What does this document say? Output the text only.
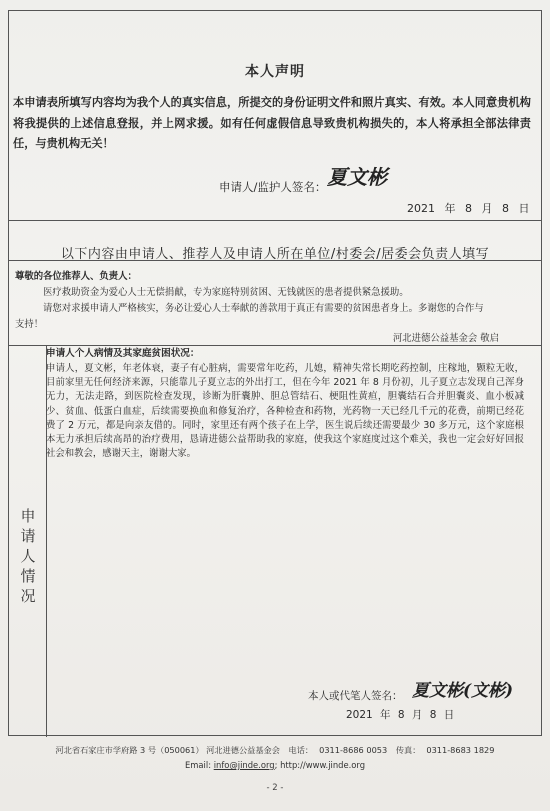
本人声明
本申请表所填写内容均为我个人的真实信息，所提交的身份证明文件和照片真实、有效。本人同意贵机构将我提供的上述信息登报，并上网求援。如有任何虚假信息导致贵机构损失的，本人将承担全部法律责任，与贵机构无关！
申请人/监护人签名： 夏文彬
2021 年 8 月 8 日
以下内容由申请人、推荐人及申请人所在单位/村委会/居委会负责人填写
尊敬的各位推荐人、负责人：
医疗救助资金为爱心人士无偿捐献，专为家庭特别贫困、无钱就医的患者提供紧急援助。
请您对求援申请人严格核实，务必让爱心人士奉献的善款用于真正有需要的贫困患者身上。多谢您的合作与
支持！
河北进德公益基金会 敬启
申
请
人
情
况
申请人个人病情及其家庭贫困状况：
申请人，夏文彬，年老体衰，妻子有心脏病，需要常年吃药，儿媳，精神失常长期吃药控制，庄稼地，颗粒无收，目前家里无任何经济来源，只能靠儿子夏立志的外出打工，但在今年 2021 年 8 月份初，儿子夏立志发现自己浑身无力，无法走路，到医院检查发现，诊断为肝囊肿、胆总管结石、梗阻性黄疸，胆囊结石合并胆囊炎、血小板减少、贫血、低蛋白血症，后续需要换血和修复治疗，各种检查和药物，光药物一天已经几千元的花费，前期已经花费了 2 万元，都是向亲友借的。同时，家里还有两个孩子在上学，医生说后续还需要最少 30 多万元，这个家庭根本无力承担后续高昂的治疗费用，恳请进德公益帮助我的家庭，使我这个家庭度过这个难关，我也一定会好好回报社会和教会，感谢天主，谢谢大家。
本人或代笔人签名： 夏文彬(文彬)
2021 年 8 月 8 日
河北省石家庄市学府路 3 号（050061） 河北进德公益基金会 电话： 0311-8686 0053 传真： 0311-8683 1829
Email: info@jinde.org; http://www.jinde.org
- 2 -
